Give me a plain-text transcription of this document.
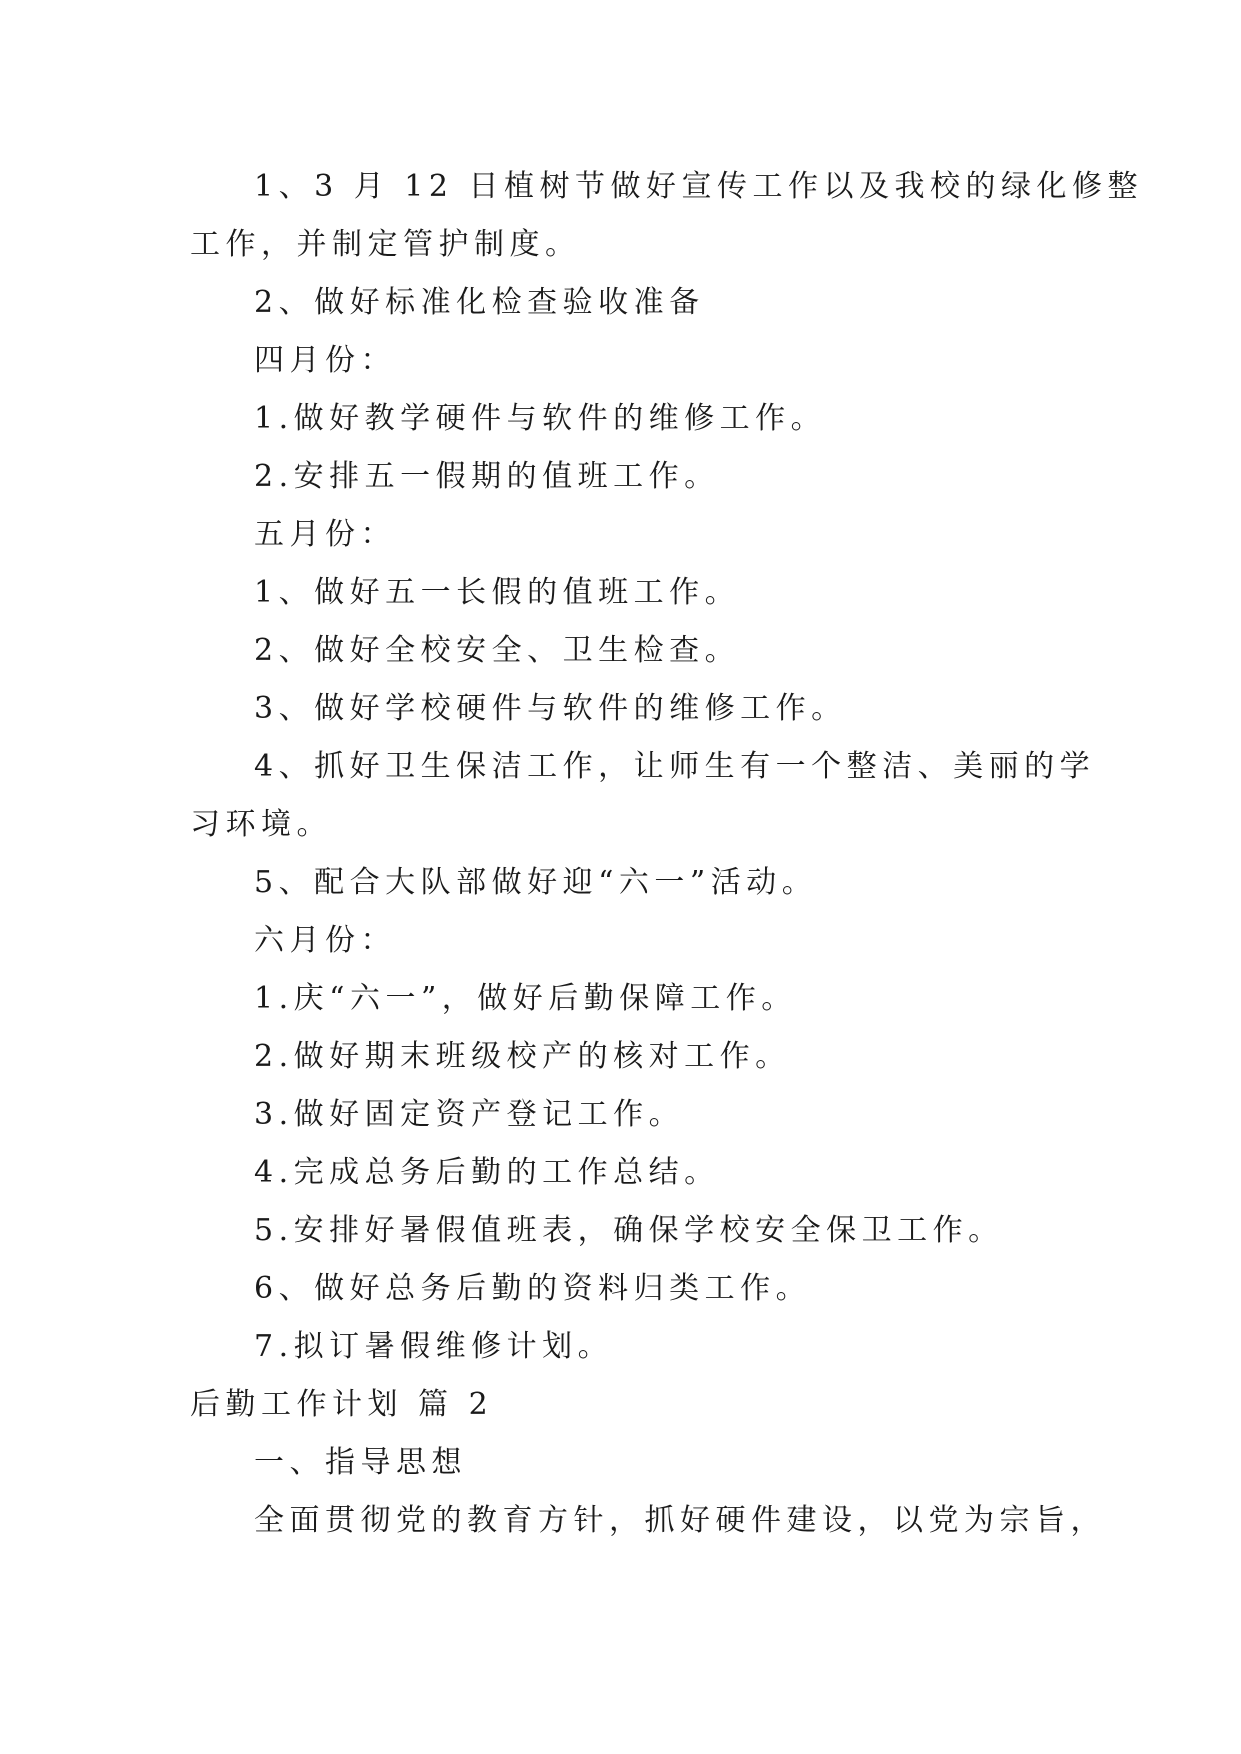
1、3 月 12 日植树节做好宣传工作以及我校的绿化修整
工作，并制定管护制度。
2、做好标准化检查验收准备
四月份：
1.做好教学硬件与软件的维修工作。
2.安排五一假期的值班工作。
五月份：
1、做好五一长假的值班工作。
2、做好全校安全、卫生检查。
3、做好学校硬件与软件的维修工作。
4、抓好卫生保洁工作，让师生有一个整洁、美丽的学
习环境。
5、配合大队部做好迎“六一”活动。
六月份：
1.庆“六一”，做好后勤保障工作。
2.做好期末班级校产的核对工作。
3.做好固定资产登记工作。
4.完成总务后勤的工作总结。
5.安排好暑假值班表，确保学校安全保卫工作。
6、做好总务后勤的资料归类工作。
7.拟订暑假维修计划。
后勤工作计划 篇 2
一、指导思想
全面贯彻党的教育方针，抓好硬件建设，以党为宗旨，
